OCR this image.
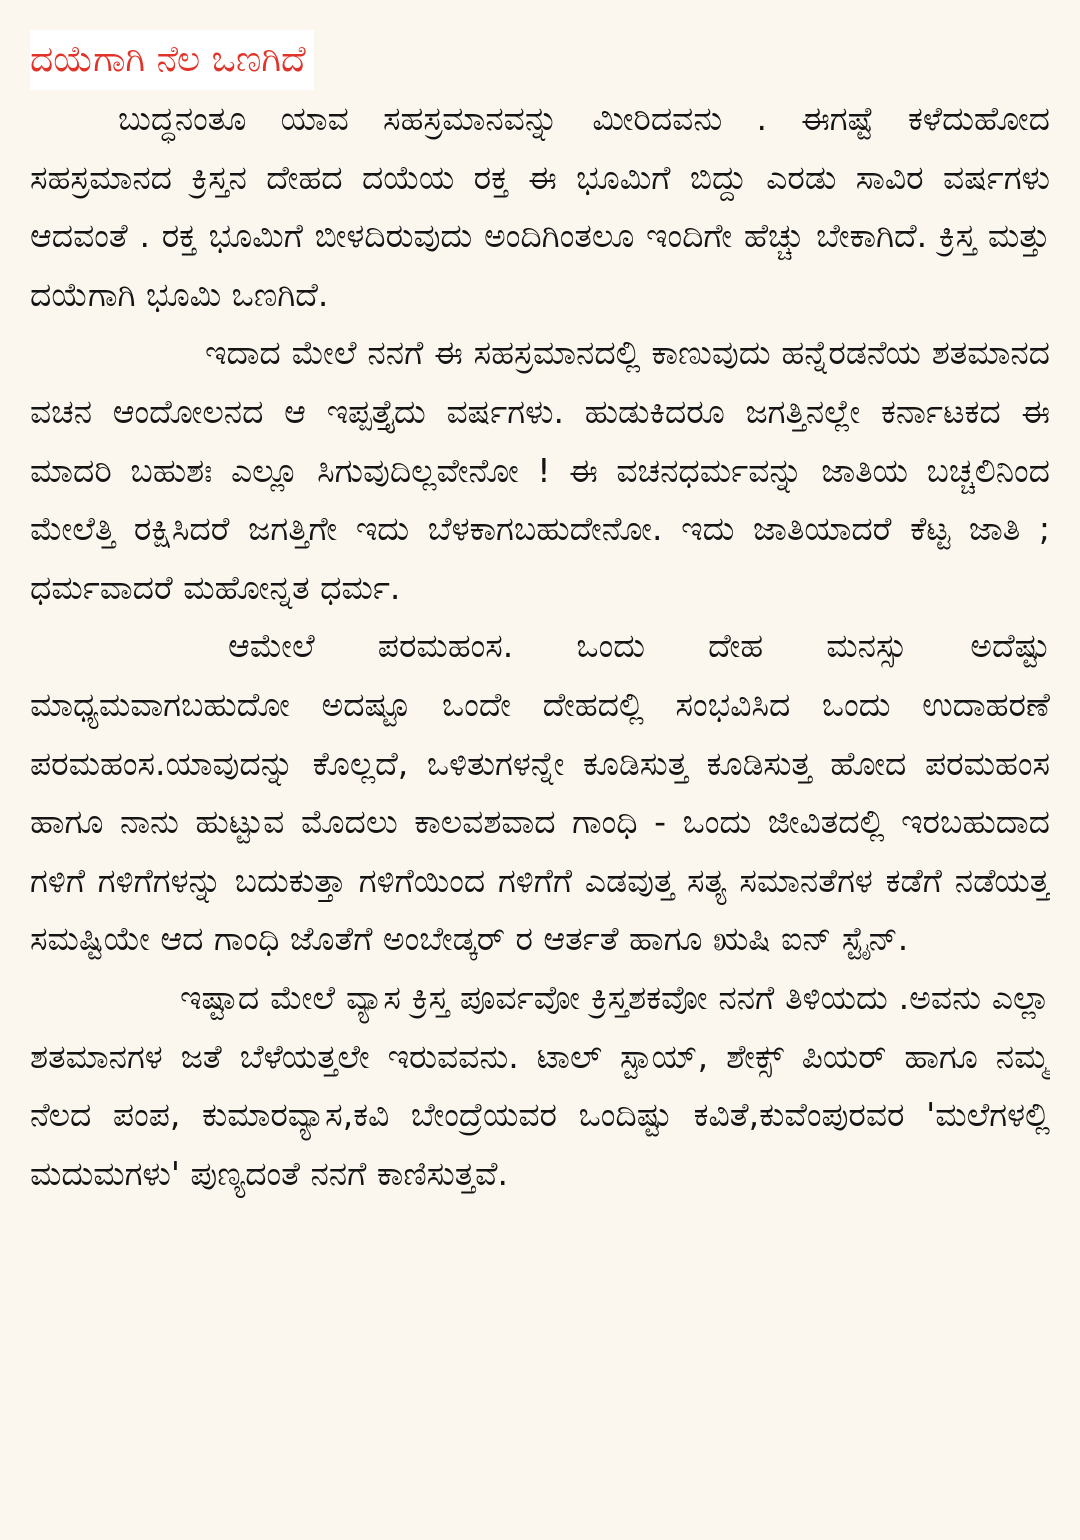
ದಯೆಗಾಗಿ ನೆಲ ಒಣಗಿದೆ

ಬುದ್ಧನಂತೂ ಯಾವ ಸಹಸ್ರಮಾನವನ್ನು ಮೀರಿದವನು . ಈಗಷ್ಟೆ ಕಳೆದುಹೋದ ಸಹಸ್ರಮಾನದ ಕ್ರಿಸ್ತನ ದೇಹದ ದಯೆಯ ರಕ್ತ ಈ ಭೂಮಿಗೆ ಬಿದ್ದು ಎರಡು ಸಾವಿರ ವರ್ಷಗಳು ಆದವಂತೆ . ರಕ್ತ ಭೂಮಿಗೆ ಬೀಳದಿರುವುದು ಅಂದಿಗಿಂತಲೂ ಇಂದಿಗೇ ಹೆಚ್ಚು ಬೇಕಾಗಿದೆ. ಕ್ರಿಸ್ತ ಮತ್ತು ದಯೆಗಾಗಿ ಭೂಮಿ ಒಣಗಿದೆ.

ಇದಾದ ಮೇಲೆ ನನಗೆ ಈ ಸಹಸ್ರಮಾನದಲ್ಲಿ ಕಾಣುವುದು ಹನ್ನೆರಡನೆಯ ಶತಮಾನದ ವಚನ ಆಂದೋಲನದ ಆ ಇಪ್ಪತ್ತೈದು ವರ್ಷಗಳು. ಹುಡುಕಿದರೂ ಜಗತ್ತಿನಲ್ಲೇ ಕರ್ನಾಟಕದ ಈ ಮಾದರಿ ಬಹುಶಃ ಎಲ್ಲೂ ಸಿಗುವುದಿಲ್ಲವೇನೋ ! ಈ ವಚನಧರ್ಮವನ್ನು ಜಾತಿಯ ಬಚ್ಚಲಿನಿಂದ ಮೇಲೆತ್ತಿ ರಕ್ಷಿಸಿದರೆ ಜಗತ್ತಿಗೇ ಇದು ಬೆಳಕಾಗಬಹುದೇನೋ. ಇದು ಜಾತಿಯಾದರೆ ಕೆಟ್ಟ ಜಾತಿ ; ಧರ್ಮವಾದರೆ ಮಹೋನ್ನತ ಧರ್ಮ.

ಆಮೇಲೆ ಪರಮಹಂಸ. ಒಂದು ದೇಹ ಮನಸ್ಸು ಅದೆಷ್ಟು ಮಾಧ್ಯಮವಾಗಬಹುದೋ ಅದಷ್ಟೂ ಒಂದೇ ದೇಹದಲ್ಲಿ ಸಂಭವಿಸಿದ ಒಂದು ಉದಾಹರಣೆ ಪರಮಹಂಸ.ಯಾವುದನ್ನು ಕೊಲ್ಲದೆ, ಒಳಿತುಗಳನ್ನೇ ಕೂಡಿಸುತ್ತ ಕೂಡಿಸುತ್ತ ಹೋದ ಪರಮಹಂಸ ಹಾಗೂ ನಾನು ಹುಟ್ಟುವ ಮೊದಲು ಕಾಲವಶವಾದ ಗಾಂಧಿ - ಒಂದು ಜೀವಿತದಲ್ಲಿ ಇರಬಹುದಾದ ಗಳಿಗೆ ಗಳಿಗೆಗಳನ್ನು ಬದುಕುತ್ತಾ ಗಳಿಗೆಯಿಂದ ಗಳಿಗೆಗೆ ಎಡವುತ್ತ ಸತ್ಯ ಸಮಾನತೆಗಳ ಕಡೆಗೆ ನಡೆಯತ್ತ ಸಮಷ್ಟಿಯೇ ಆದ ಗಾಂಧಿ ಜೊತೆಗೆ ಅಂಬೇಡ್ಕರ್ ರ ಆರ್ತತೆ ಹಾಗೂ ಋಷಿ ಐನ್ ಸ್ಟೈನ್.

ಇಷ್ಟಾದ ಮೇಲೆ ವ್ಯಾಸ ಕ್ರಿಸ್ತ ಪೂರ್ವವೋ ಕ್ರಿಸ್ತಶಕವೋ ನನಗೆ ತಿಳಿಯದು .ಅವನು ಎಲ್ಲಾ ಶತಮಾನಗಳ ಜತೆ ಬೆಳೆಯತ್ತಲೇ ಇರುವವನು. ಟಾಲ್ ಸ್ಟಾಯ್, ಶೇಕ್ಸ್ ಪಿಯರ್ ಹಾಗೂ ನಮ್ಮ ನೆಲದ ಪಂಪ, ಕುಮಾರವ್ಯಾಸ,ಕವಿ ಬೇಂದ್ರೆಯವರ ಒಂದಿಷ್ಟು ಕವಿತೆ,ಕುವೆಂಪುರವರ 'ಮಲೆಗಳಲ್ಲಿ ಮದುಮಗಳು' ಪುಣ್ಯದಂತೆ ನನಗೆ ಕಾಣಿಸುತ್ತವೆ.
